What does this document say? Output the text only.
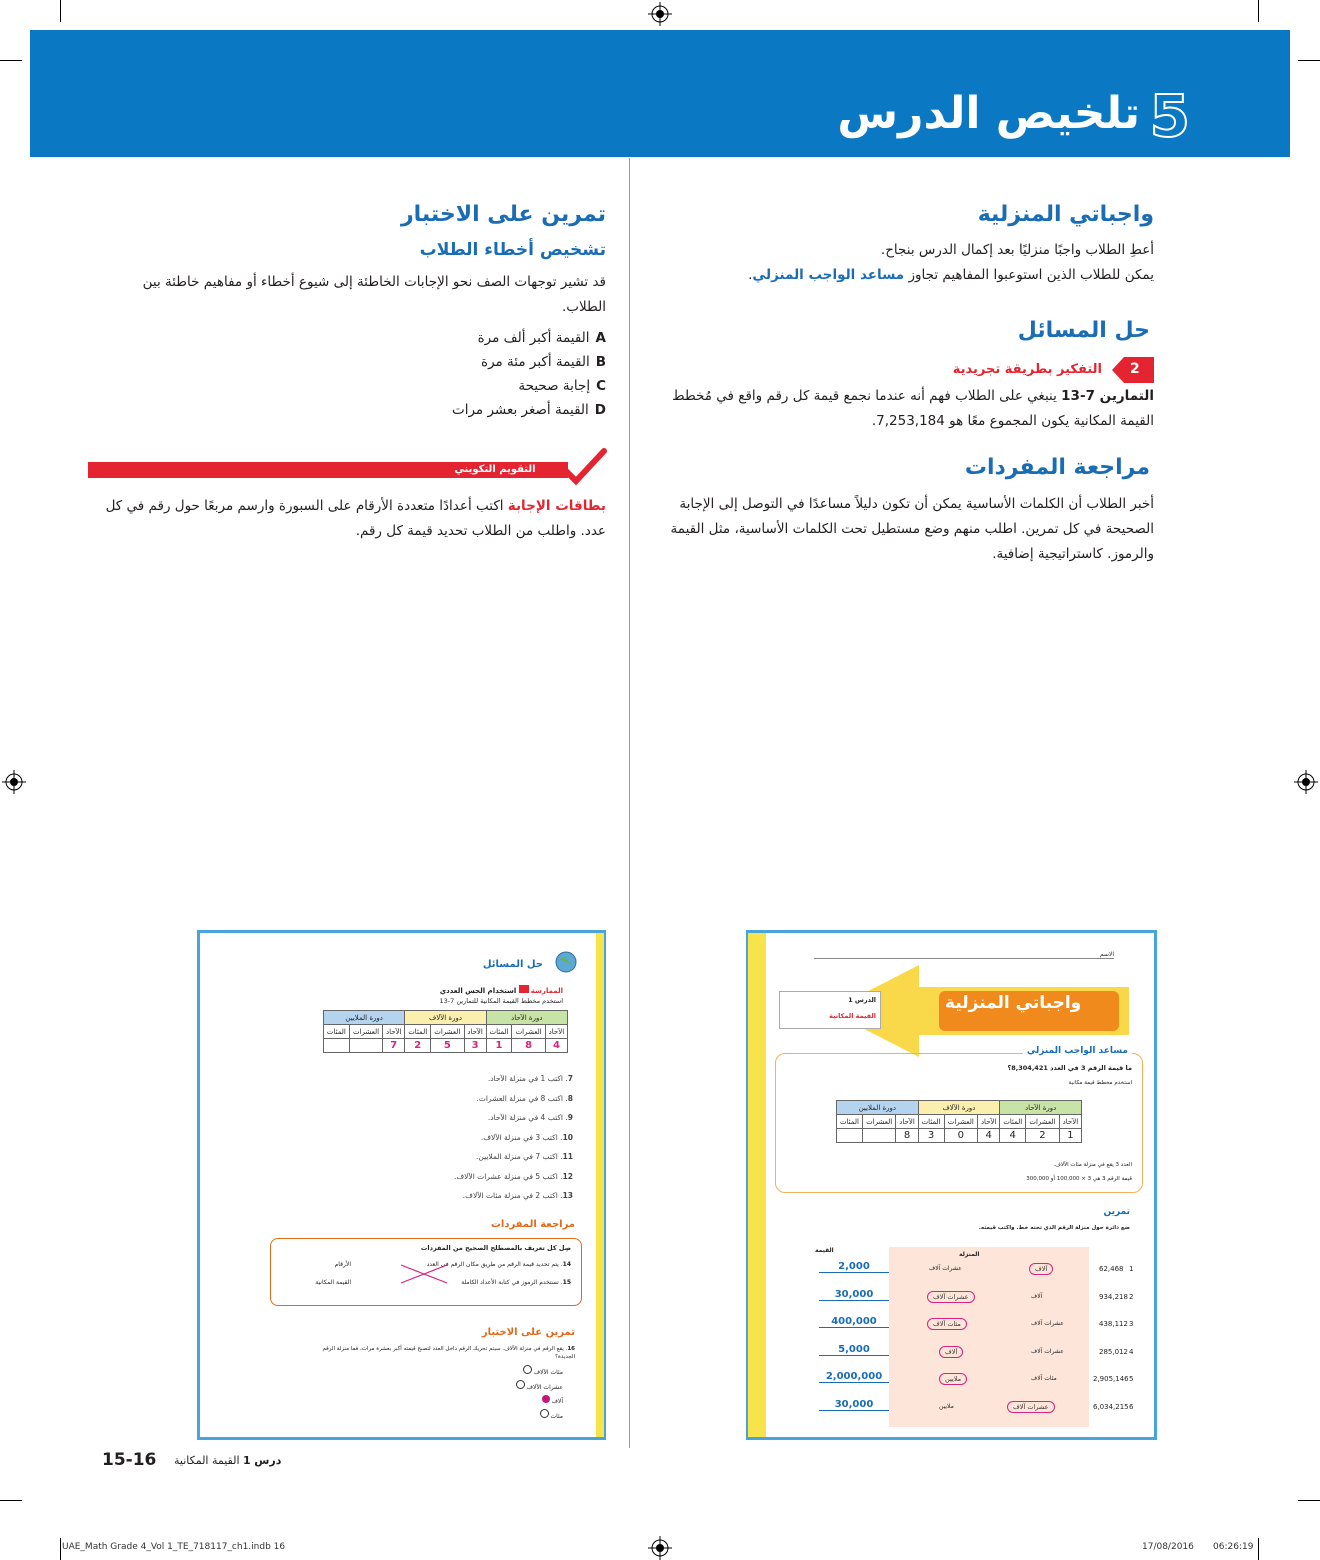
تلخيص الدرس 5
واجباتي المنزلية
أعطِ الطلاب واجبًا منزليًا بعد إكمال الدرس بنجاح.
يمكن للطلاب الذين استوعبوا المفاهيم تجاوز مساعد الواجب المنزلي.
حل المسائل
2
التفكير بطريقة تجريدية
التمارين 7-13 ينبغي على الطلاب فهم أنه عندما نجمع قيمة كل رقم واقع في مُخطط
القيمة المكانية يكون المجموع معًا هو 7,253,184.
مراجعة المفردات
أخبر الطلاب أن الكلمات الأساسية يمكن أن تكون دليلاً مساعدًا في التوصل إلى الإجابة
الصحيحة في كل تمرين. اطلب منهم وضع مستطيل تحت الكلمات الأساسية، مثل القيمة
والرموز. كاستراتيجية إضافية.
تمرين على الاختبار
تشخيص أخطاء الطلاب
قد تشير توجهات الصف نحو الإجابات الخاطئة إلى شيوع أخطاء أو مفاهيم خاطئة بين
الطلاب.
Aالقيمة أكبر ألف مرة
Bالقيمة أكبر مئة مرة
Cإجابة صحيحة
Dالقيمة أصغر بعشر مرات
التقويم التكويني
بطاقات الإجابة اكتب أعدادًا متعددة الأرقام على السبورة وارسم مربعًا حول رقم في كل
عدد. واطلب من الطلاب تحديد قيمة كل رقم.
حل المسائل
الممارسة  استخدام الحس العددي
استخدم مخطط القيمة المكانية للتمارين 7-13
دورة الملايين			دورة الآلاف			دورة الآحاد		
المئات	العشرات	الآحاد	المئات	العشرات	الآحاد	المئات	العشرات	الآحاد
		7	2	5	3	1	8	4
7. اكتب 1 في منزلة الآحاد.
8. اكتب 8 في منزلة العشرات.
9. اكتب 4 في منزلة الآحاد.
10. اكتب 3 في منزلة الآلاف.
11. اكتب 7 في منزلة الملايين.
12. اكتب 5 في منزلة عشرات الآلاف.
13. اكتب 2 في منزلة مئات الآلاف.
مراجعة المفردات
صِل كل تعريف بالمصطلح الصحيح من المفردات
14. يتم تحديد قيمة الرقم من طريق مكان الرقم في العدد
15. تستخدم الرموز في كتابة الأعداد الكاملة
الأرقام
القيمة المكانية
تمرين على الاختبار
16. يقع الرقم في منزلة الآلاف. سيتم تحريك الرقم داخل العدد لتصبح قيمته أكبر بعشرة مرات، فما منزلة الرقم الجديدة؟
مئات الآلاف
عشرات الآلاف
آلاف
مئات
الاسم
واجباتي المنزلية
الدرس 1
القيمة المكانية
مساعد الواجب المنزلي
ما قيمة الرقم 3 في العدد 8,304,421؟
استخدم مخطط قيمة مكانية
دورة الملايين			دورة الآلاف			دورة الآحاد		
المئات	العشرات	الآحاد	المئات	العشرات	الآحاد	المئات	العشرات	الآحاد
		8	3	0	4	4	2	1
العدد 3 يقع في منزلة مئات الآلاف.
قيمة الرقم 3 هي 3 × 100,000 أو 300,000
تمرين
ضع دائرة حول منزلة الرقم الذي تحته خط. واكتب قيمته.
القيمة
المنزلة
2,000	عشرات آلاف	آلاف	62,468 1
30,000	عشرات آلاف	آلاف	934,218 2
400,000	مئات آلاف	عشرات آلاف	438,112 3
5,000	آلاف	عشرات آلاف	285,012 4
2,000,000	ملايين	مئات آلاف	2,905,146 5
30,000	ملايين	عشرات آلاف	6,034,215 6
15-16	درس 1 القيمة المكانية
UAE_Math Grade 4_Vol 1_TE_718117_ch1.indb 16	17/08/2016 06:26:19
